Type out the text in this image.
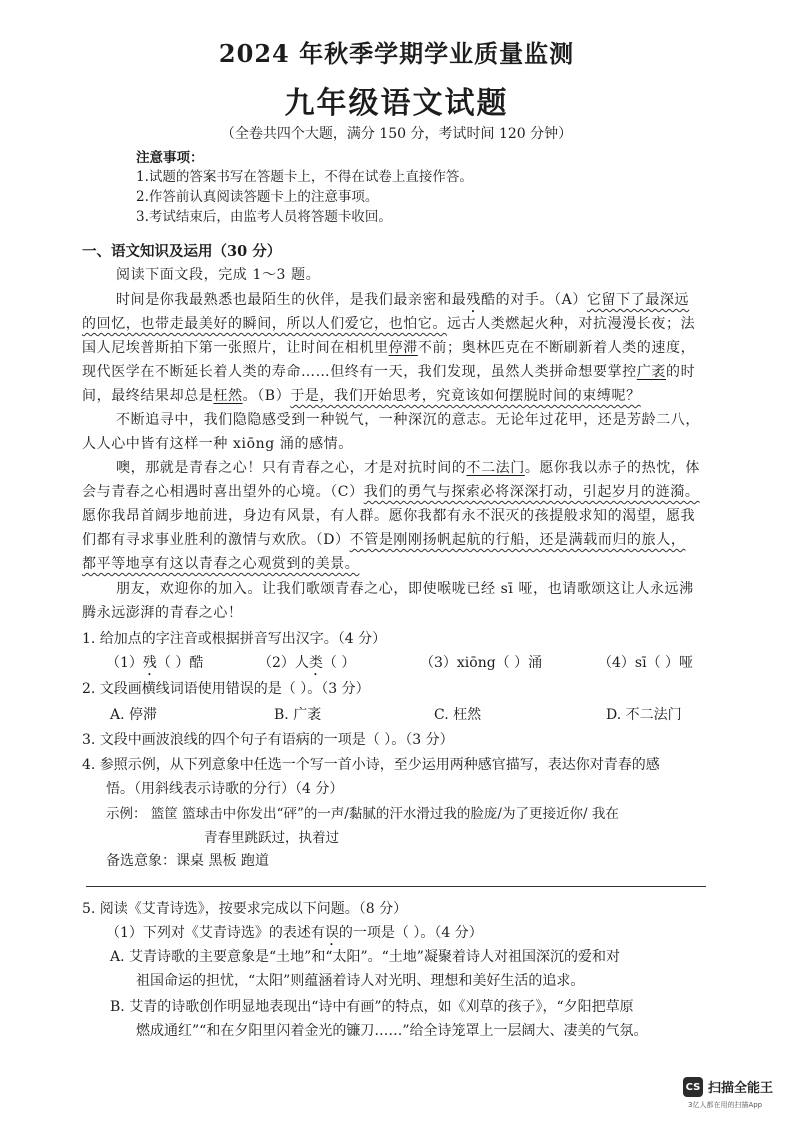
2024 年秋季学期学业质量监测
九年级语文试题
（全卷共四个大题，满分 150 分，考试时间 120 分钟）
注意事项：
1.试题的答案书写在答题卡上，不得在试卷上直接作答。
2.作答前认真阅读答题卡上的注意事项。
3.考试结束后，由监考人员将答题卡收回。
一、语文知识及运用（30 分）
阅读下面文段，完成 1～3 题。
时间是你我最熟悉也最陌生的伙伴，是我们最亲密和最残酷的对手。（A）它留下了最深远
的回忆，也带走最美好的瞬间，所以人们爱它，也怕它。远古人类燃起火种，对抗漫漫长夜；法
国人尼埃普斯拍下第一张照片，让时间在相机里停滞不前；奥林匹克在不断刷新着人类的速度，
现代医学在不断延长着人类的寿命……但终有一天，我们发现，虽然人类拼命想要掌控广袤的时
间，最终结果却总是枉然。（B）于是，我们开始思考，究竟该如何摆脱时间的束缚呢？
不断追寻中，我们隐隐感受到一种锐气，一种深沉的意志。无论年过花甲，还是芳龄二八，
人人心中皆有这样一种 xiōng 涌的感情。
噢，那就是青春之心！只有青春之心，才是对抗时间的不二法门。愿你我以赤子的热忱，体
会与青春之心相遇时喜出望外的心境。（C）我们的勇气与探索必将深深打动，引起岁月的涟漪。
愿你我昂首阔步地前进，身边有风景，有人群。愿你我都有永不泯灭的孩提般求知的渴望，愿我
们都有寻求事业胜利的激情与欢欣。（D）不管是刚刚扬帆起航的行船，还是满载而归的旅人，
都平等地享有这以青春之心观赏到的美景。
朋友，欢迎你的加入。让我们歌颂青春之心，即使喉咙已经 sī 哑，也请歌颂这让人永远沸
腾永远澎湃的青春之心！
1. 给加点的字注音或根据拼音写出汉字。（4 分）
（1）残（ ）酷	（2）人类（ ）	（3）xiōng（ ）涌	（4）sī（ ）哑
2. 文段画横线词语使用错误的是（ ）。（3 分）
A. 停滞	B. 广袤	C. 枉然	D. 不二法门
3. 文段中画波浪线的四个句子有语病的一项是（ ）。（3 分）
4. 参照示例，从下列意象中任选一个写一首小诗，至少运用两种感官描写，表达你对青春的感
悟。（用斜线表示诗歌的分行）（4 分）
示例： 篮筐 篮球击中你发出“砰”的一声/黏腻的汗水滑过我的脸庞/为了更接近你/ 我在
青春里跳跃过，执着过
备选意象：课桌 黑板 跑道
5. 阅读《艾青诗选》，按要求完成以下问题。（8 分）
（1）下列对《艾青诗选》的表述有误的一项是（ ）。（4 分）
A. 艾青诗歌的主要意象是“土地”和“太阳”。“土地”凝聚着诗人对祖国深沉的爱和对
祖国命运的担忧，“太阳”则蕴涵着诗人对光明、理想和美好生活的追求。
B. 艾青的诗歌创作明显地表现出“诗中有画”的特点，如《刈草的孩子》，“夕阳把草原
燃成通红”“和在夕阳里闪着金光的镰刀……”给全诗笼罩上一层阔大、凄美的气氛。
CS 扫描全能王
3亿人都在用的扫描App
